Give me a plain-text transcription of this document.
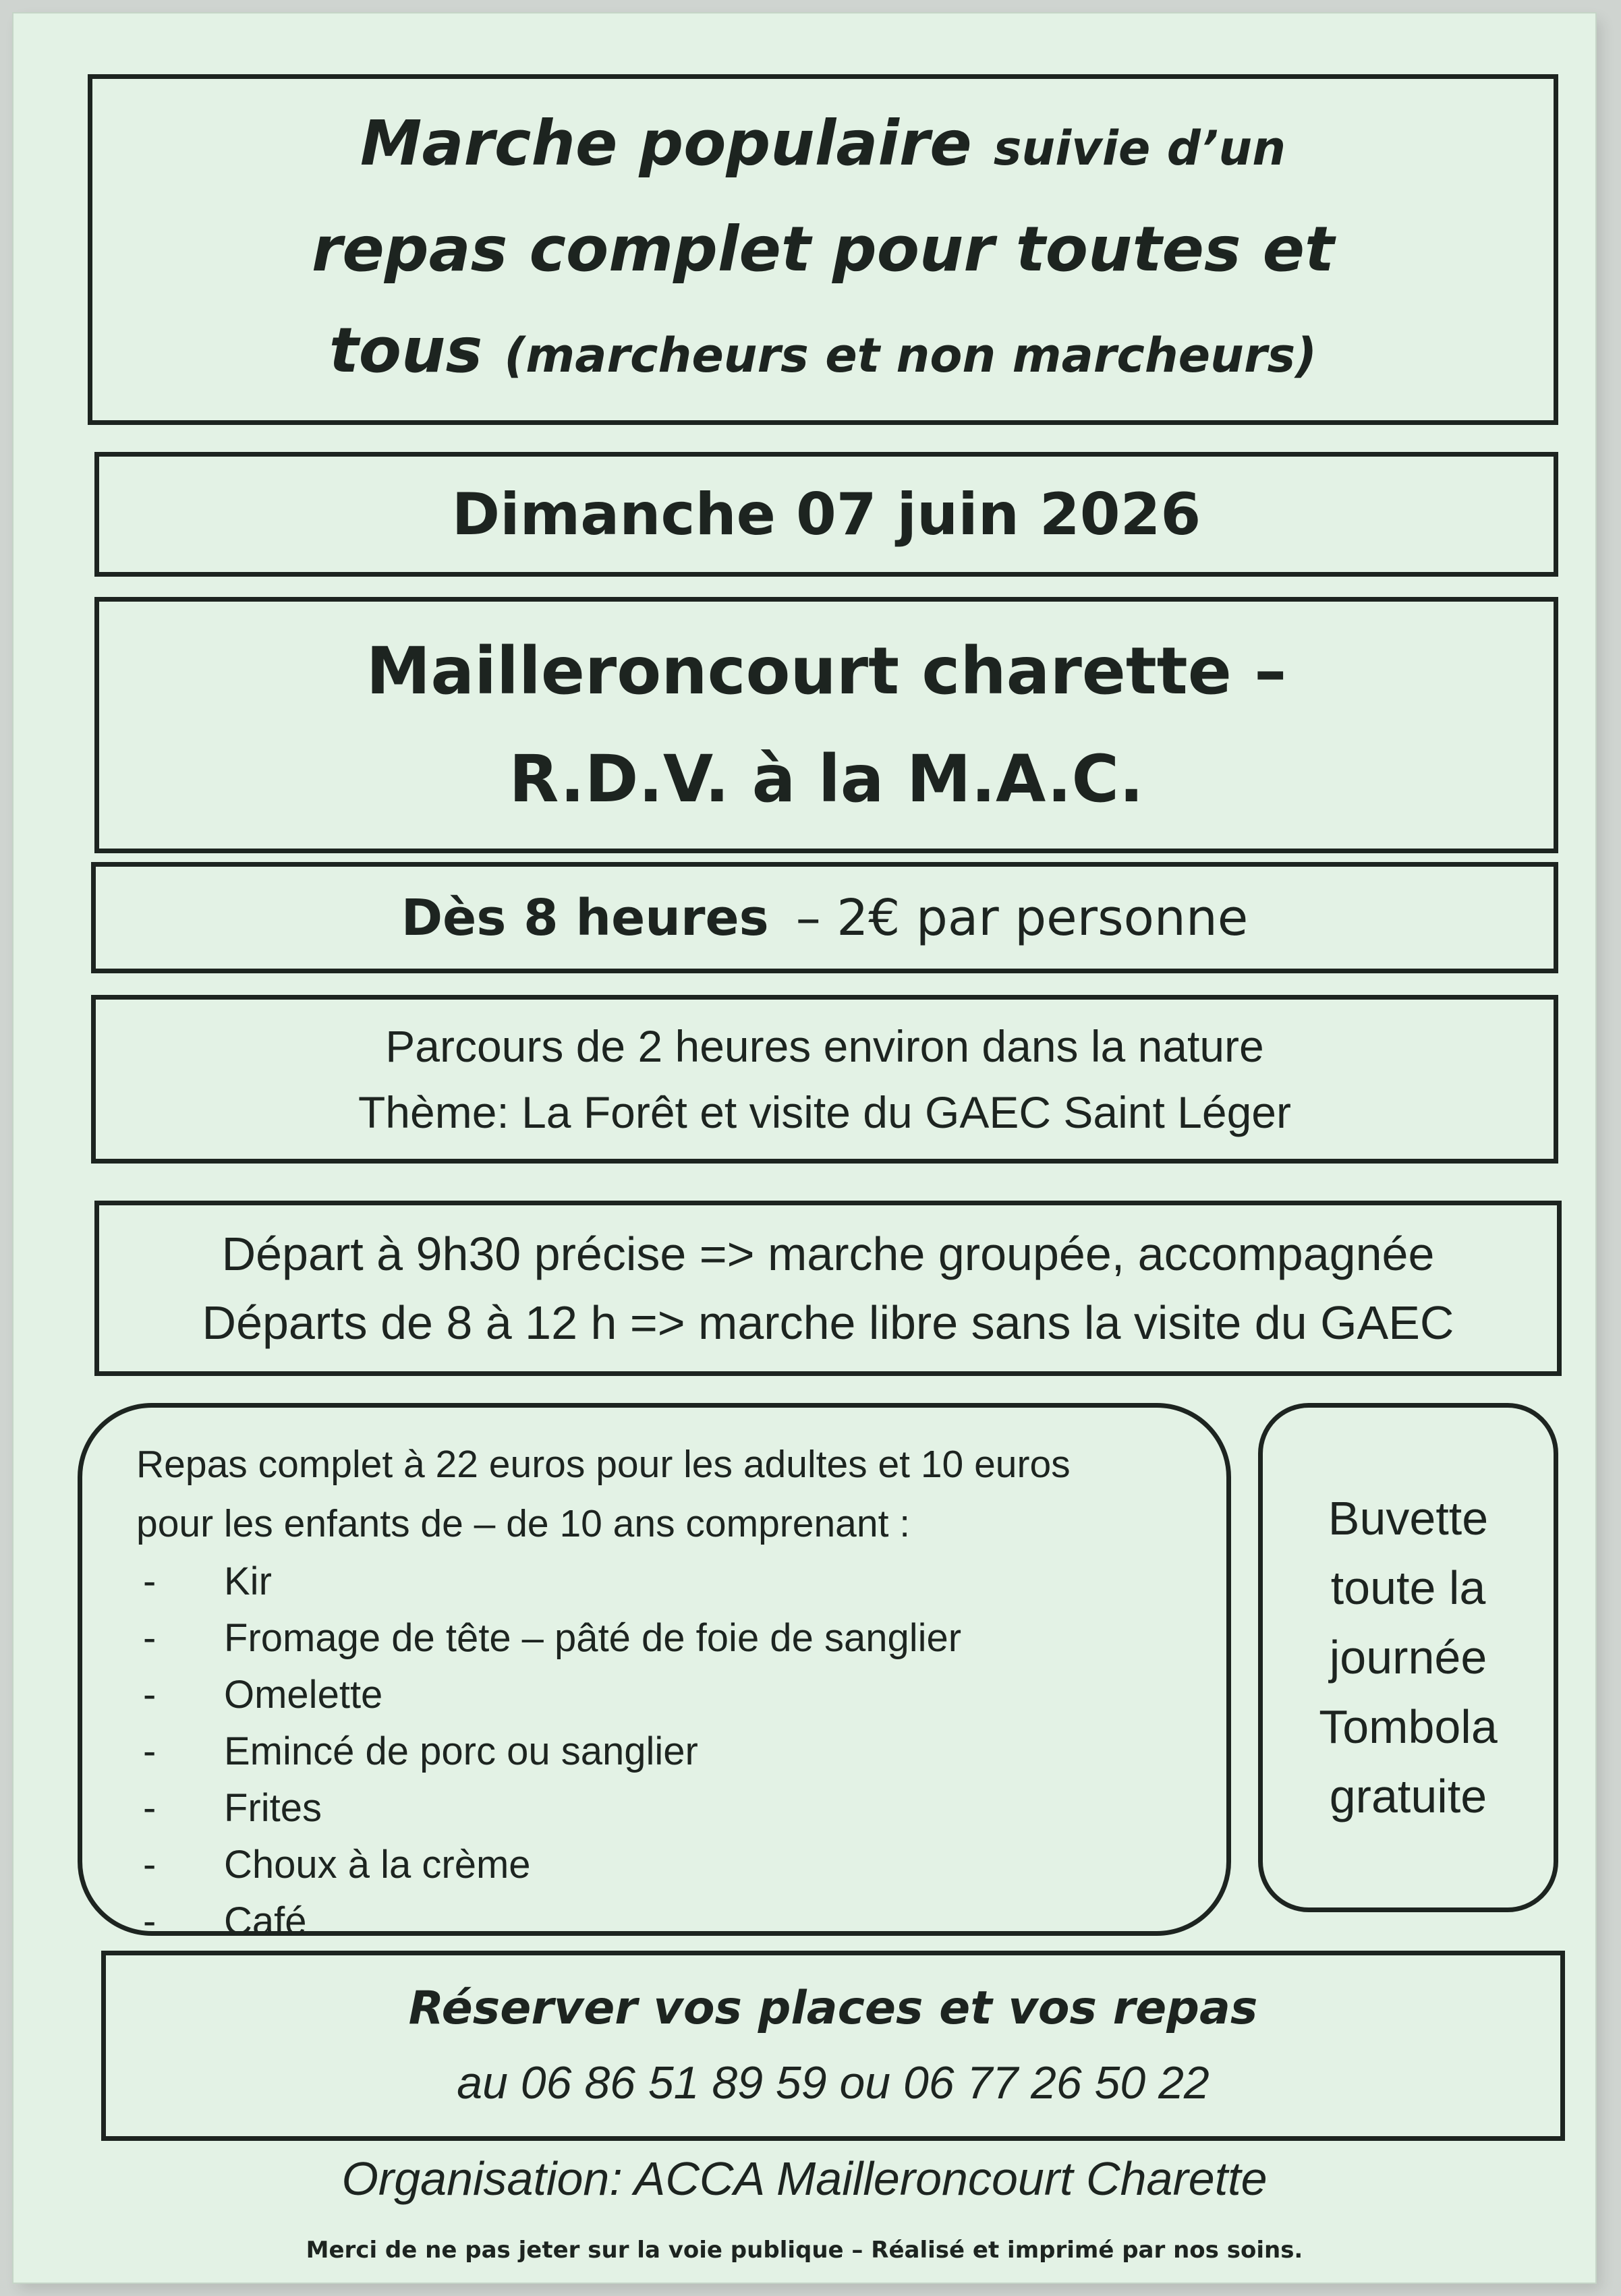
Marche populaire suivie d’un
repas complet pour toutes et
tous (marcheurs et non marcheurs)
Dimanche 07 juin 2026
Mailleroncourt charette –
R.D.V. à la M.A.C.
Dès 8 heures – 2€ par personne
Parcours de 2 heures environ dans la nature
Thème: La Forêt et visite du GAEC Saint Léger
Départ à 9h30 précise => marche groupée, accompagnée
Départs de 8 à 12 h => marche libre sans la visite du GAEC
Repas complet à 22 euros pour les adultes et 10 euros
pour les enfants de – de 10 ans comprenant :
-	Kir
-	Fromage de tête – pâté de foie de sanglier
-	Omelette
-	Emincé de porc ou sanglier
-	Frites
-	Choux à la crème
-	Café
Buvette
toute la
journée
Tombola
gratuite
Réserver vos places et vos repas
au 06 86 51 89 59 ou 06 77 26 50 22
Organisation: ACCA Mailleroncourt Charette
Merci de ne pas jeter sur la voie publique – Réalisé et imprimé par nos soins.
